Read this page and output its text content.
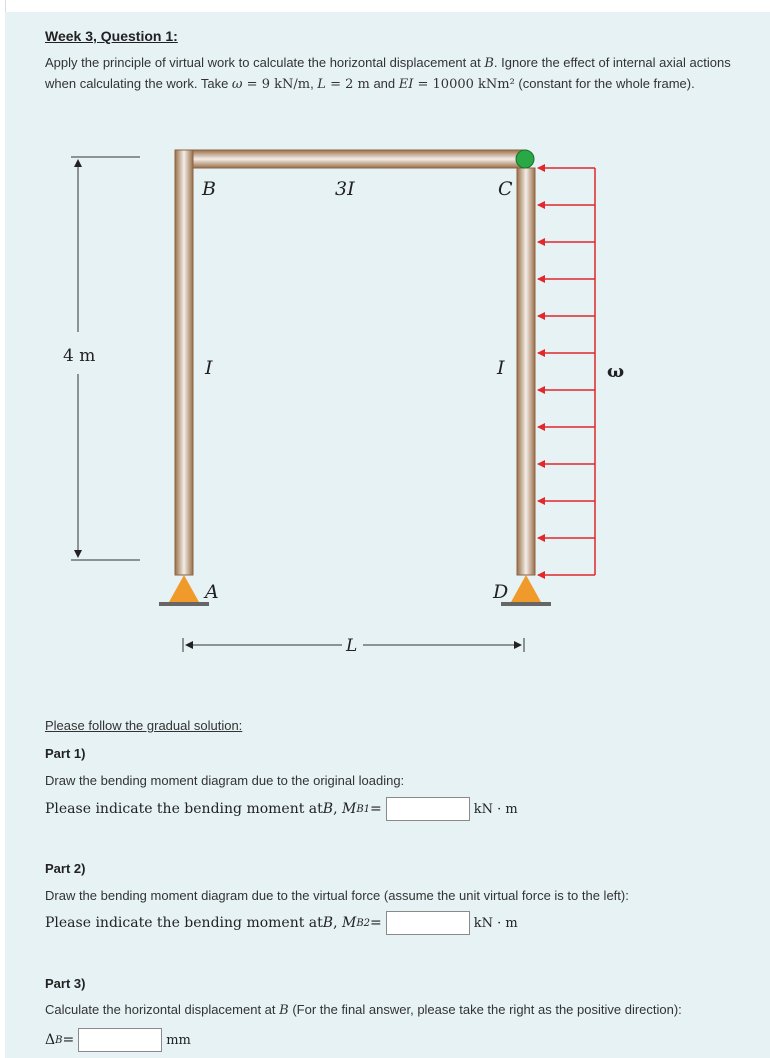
Week 3, Question 1:
Apply the principle of virtual work to calculate the horizontal displacement at B. Ignore the effect of internal axial actions when calculating the work. Take ω = 9 kN/m, L = 2 m and EI = 10000 kNm² (constant for the whole frame).
4 m
ω
B	3I	C
I	I
A	D
L
Please follow the gradual solution:
Part 1)
Draw the bending moment diagram due to the original loading:
Please indicate the bending moment at B , M B1 =	kN · m
Part 2)
Draw the bending moment diagram due to the virtual force (assume the unit virtual force is to the left):
Please indicate the bending moment at B , M B2 =	kN · m
Part 3)
Calculate the horizontal displacement at B (For the final answer, please take the right as the positive direction):
Δ B =	mm
